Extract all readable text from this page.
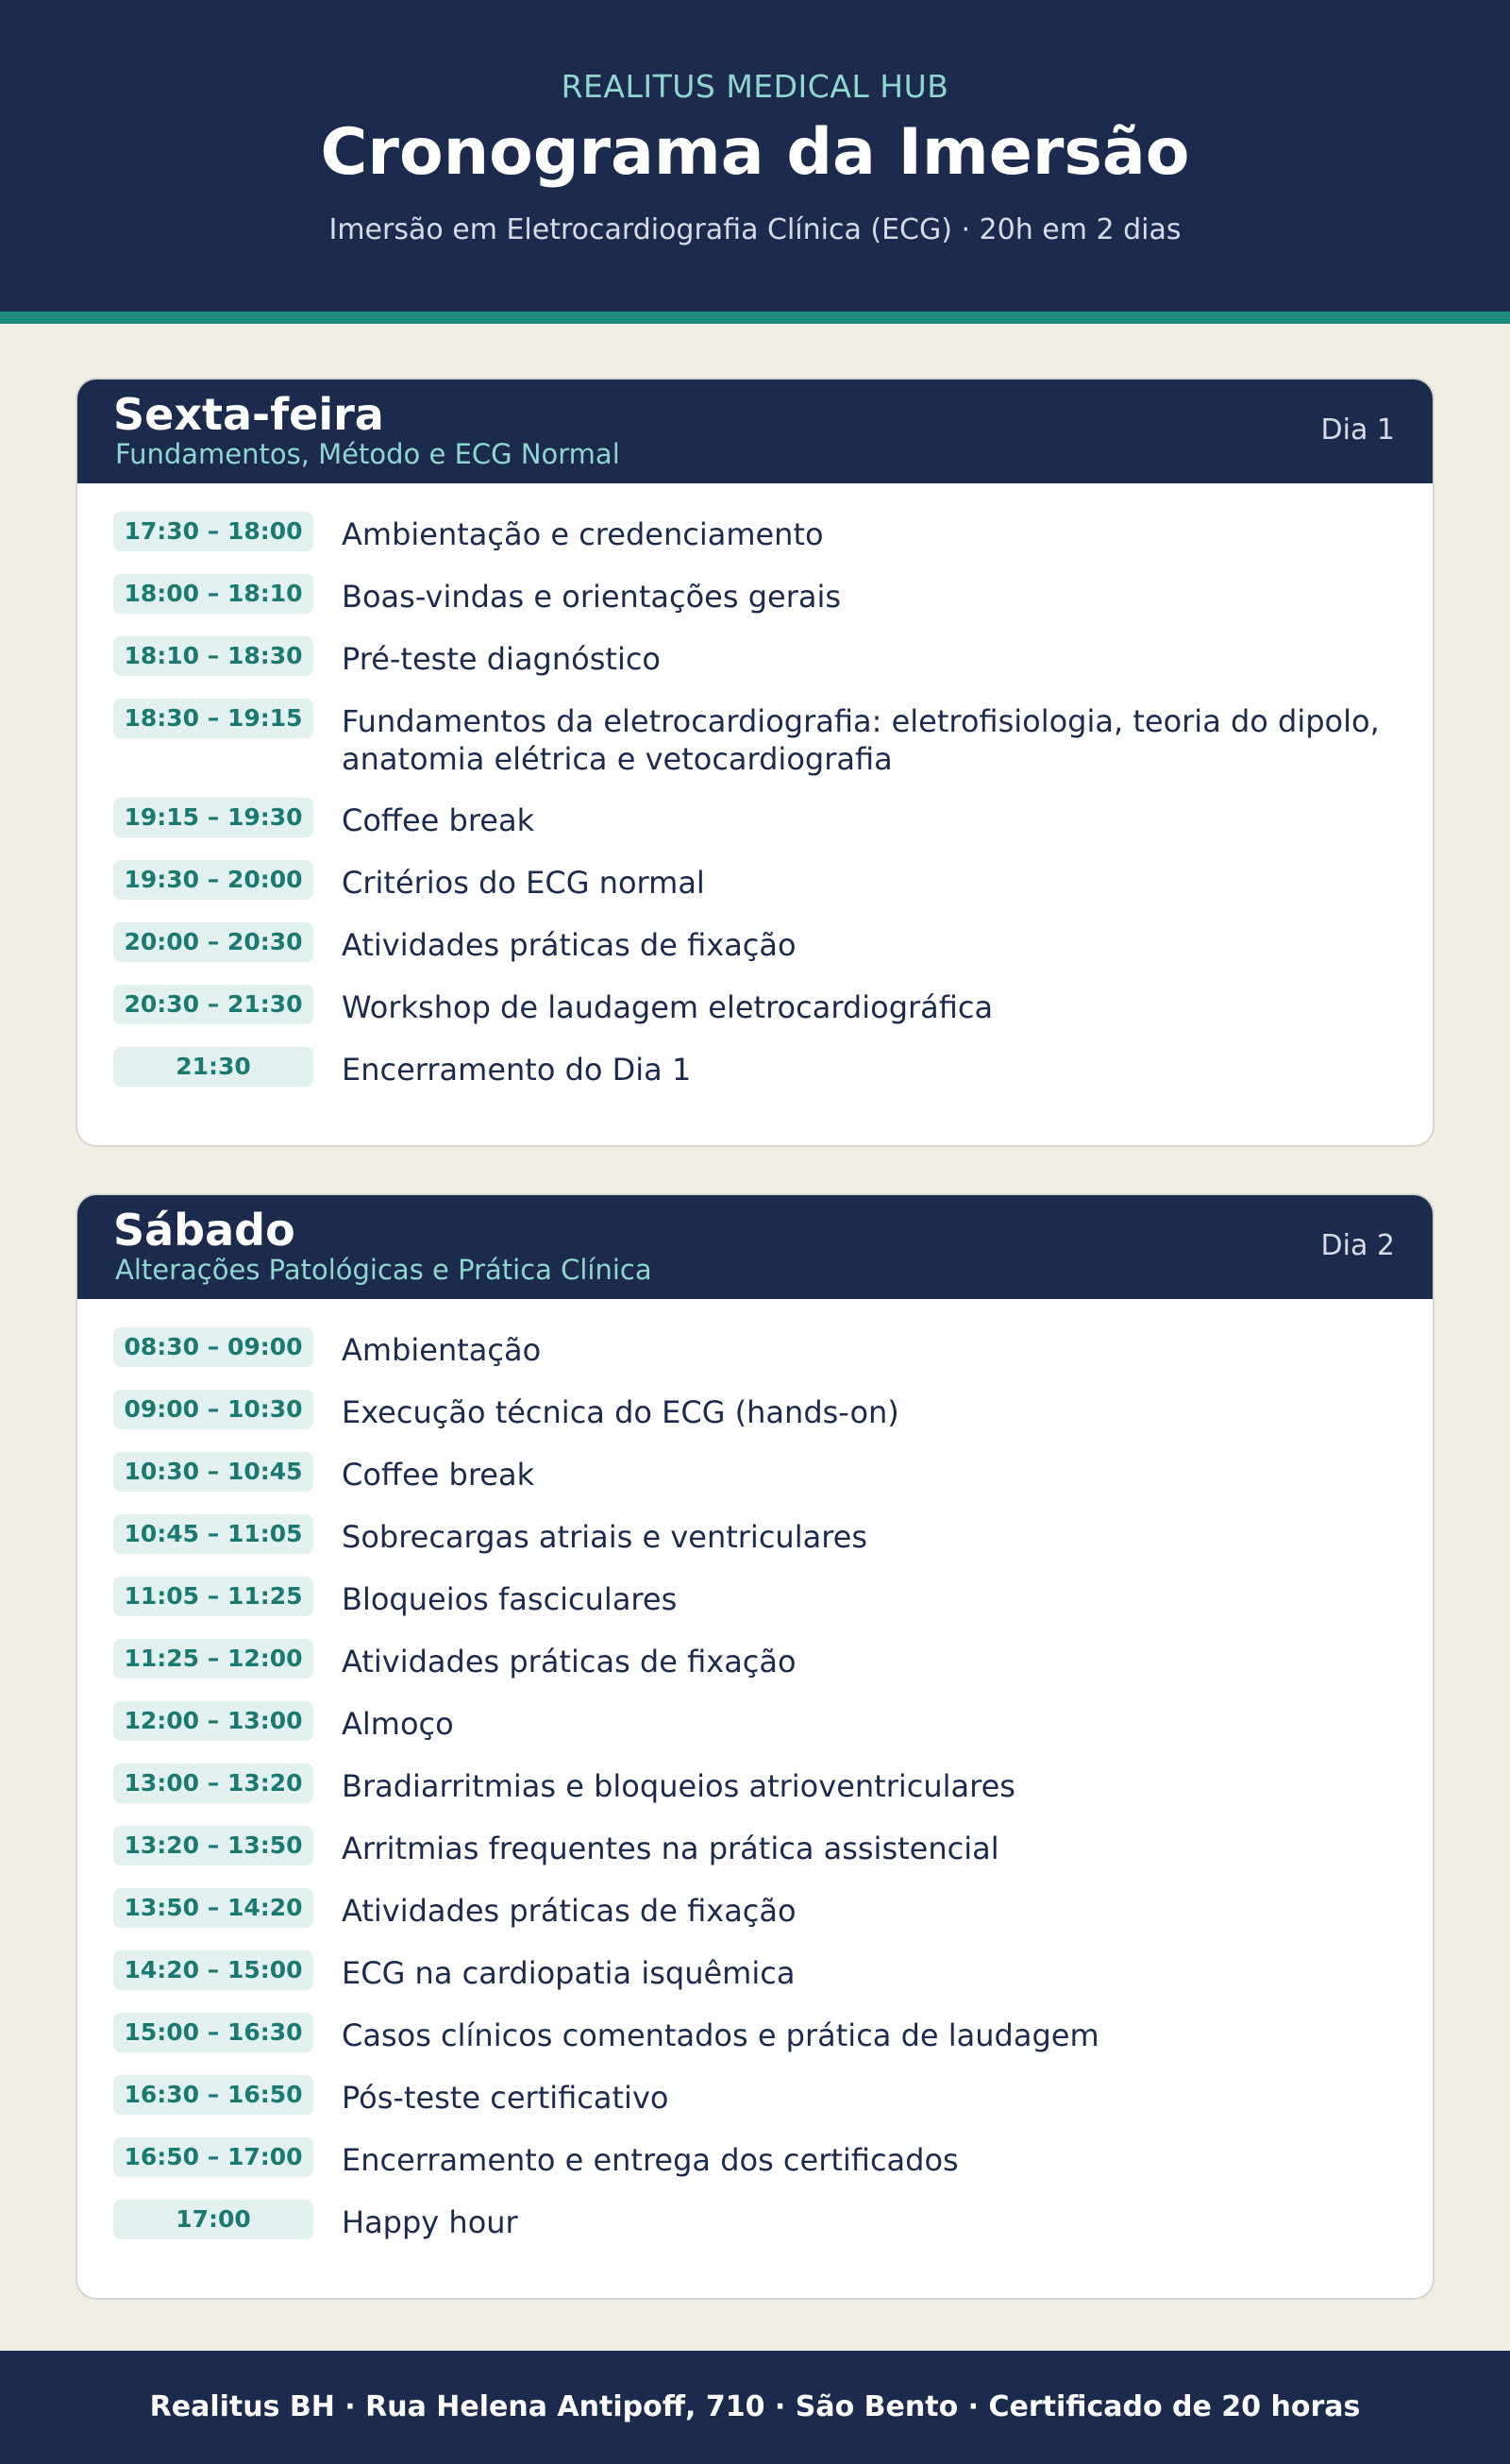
REALITUS MEDICAL HUB
Cronograma da Imersão
Imersão em Eletrocardiografia Clínica (ECG) · 20h em 2 dias
Sexta-feira
Fundamentos, Método e ECG Normal
Dia 1
17:30 – 18:00	Ambientação e credenciamento
18:00 – 18:10	Boas-vindas e orientações gerais
18:10 – 18:30	Pré-teste diagnóstico
18:30 – 19:15	Fundamentos da eletrocardiografia: eletrofisiologia, teoria do dipolo, anatomia elétrica e vetocardiografia
19:15 – 19:30	Coffee break
19:30 – 20:00	Critérios do ECG normal
20:00 – 20:30	Atividades práticas de fixação
20:30 – 21:30	Workshop de laudagem eletrocardiográfica
21:30	Encerramento do Dia 1
Sábado
Alterações Patológicas e Prática Clínica
Dia 2
08:30 – 09:00	Ambientação
09:00 – 10:30	Execução técnica do ECG (hands-on)
10:30 – 10:45	Coffee break
10:45 – 11:05	Sobrecargas atriais e ventriculares
11:05 – 11:25	Bloqueios fasciculares
11:25 – 12:00	Atividades práticas de fixação
12:00 – 13:00	Almoço
13:00 – 13:20	Bradiarritmias e bloqueios atrioventriculares
13:20 – 13:50	Arritmias frequentes na prática assistencial
13:50 – 14:20	Atividades práticas de fixação
14:20 – 15:00	ECG na cardiopatia isquêmica
15:00 – 16:30	Casos clínicos comentados e prática de laudagem
16:30 – 16:50	Pós-teste certificativo
16:50 – 17:00	Encerramento e entrega dos certificados
17:00	Happy hour
Realitus BH · Rua Helena Antipoff, 710 · São Bento · Certificado de 20 horas
